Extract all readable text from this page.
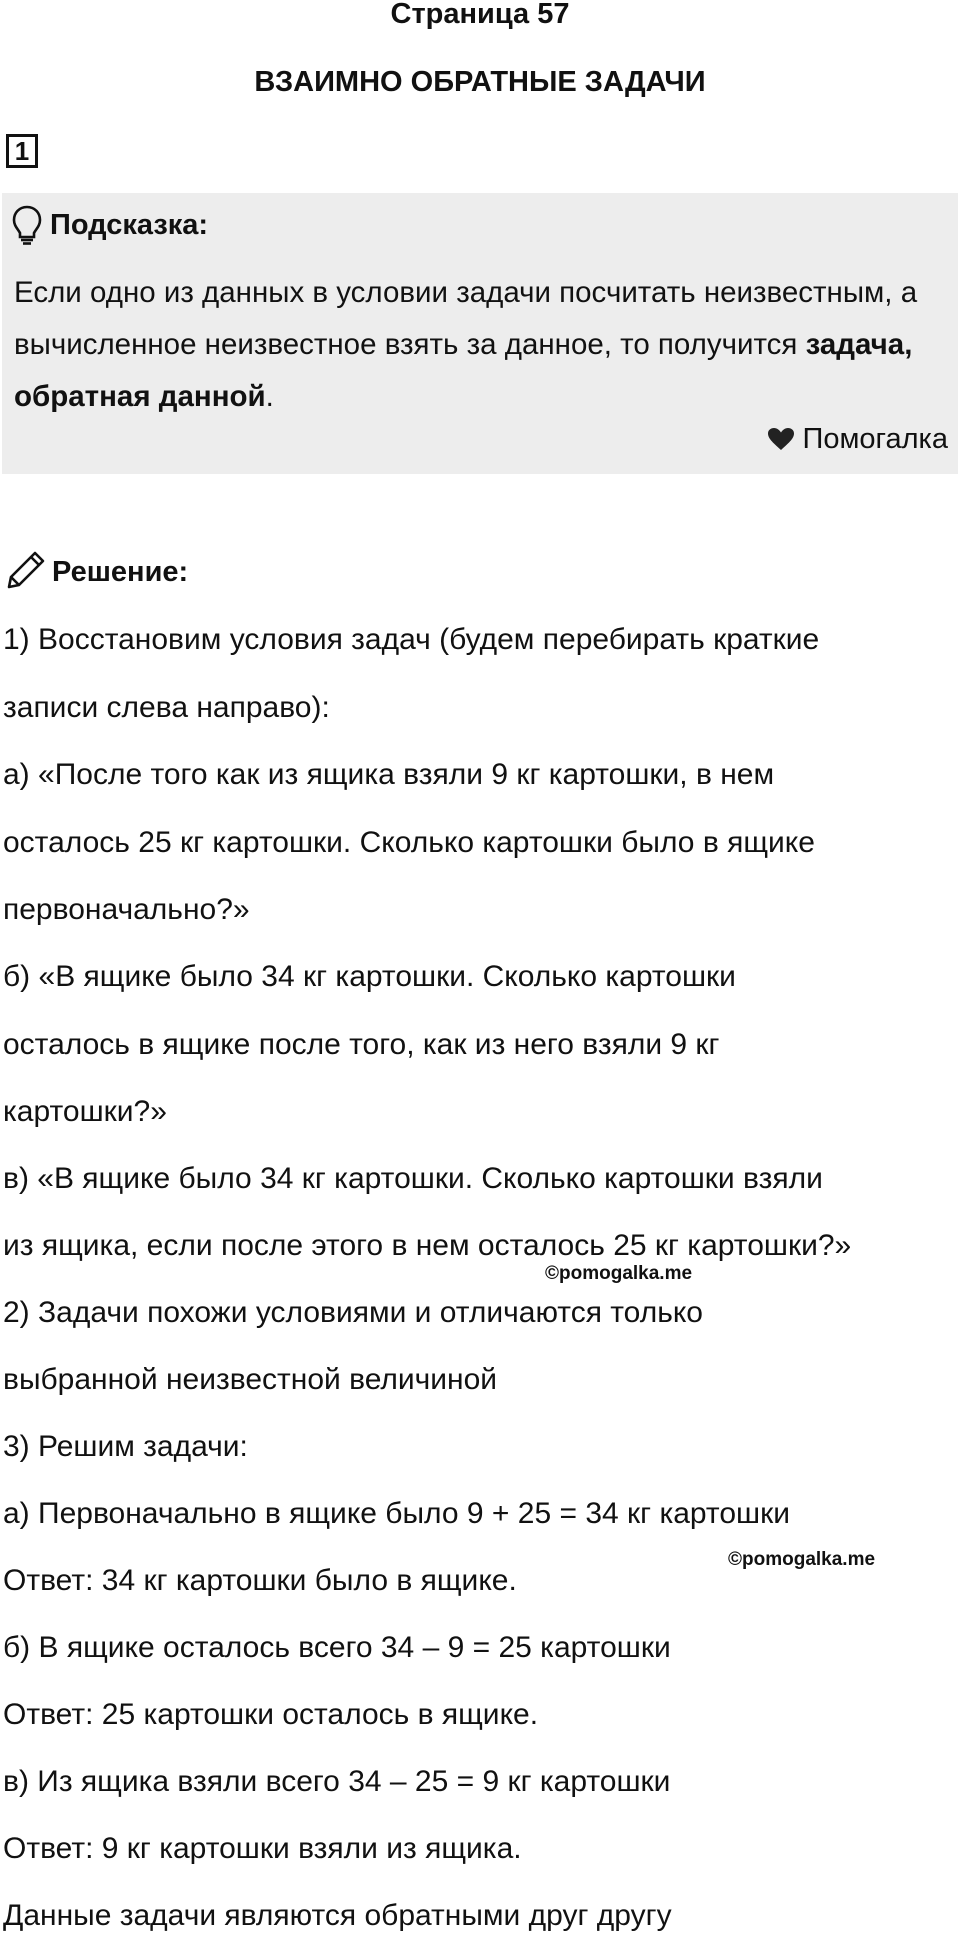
Страница 57
ВЗАИМНО ОБРАТНЫЕ ЗАДАЧИ
1
Подсказка:
Если одно из данных в условии задачи посчитать неизвестным, а вычисленное неизвестное взять за данное, то получится задача, обратная данной.
Помогалка
Решение:
1) Восстановим условия задач (будем перебирать краткие
записи слева направо):
а) «После того как из ящика взяли 9 кг картошки, в нем
осталось 25 кг картошки. Сколько картошки было в ящике
первоначально?»
б) «В ящике было 34 кг картошки. Сколько картошки
осталось в ящике после того, как из него взяли 9 кг
картошки?»
в) «В ящике было 34 кг картошки. Сколько картошки взяли
из ящика, если после этого в нем осталось 25 кг картошки?»
2) Задачи похожи условиями и отличаются только
выбранной неизвестной величиной
3) Решим задачи:
а) Первоначально в ящике было 9 + 25 = 34 кг картошки
Ответ: 34 кг картошки было в ящике.
б) В ящике осталось всего 34 – 9 = 25 картошки
Ответ: 25 картошки осталось в ящике.
в) Из ящика взяли всего 34 – 25 = 9 кг картошки
Ответ: 9 кг картошки взяли из ящика.
Данные задачи являются обратными друг другу
©pomogalka.me
©pomogalka.me
